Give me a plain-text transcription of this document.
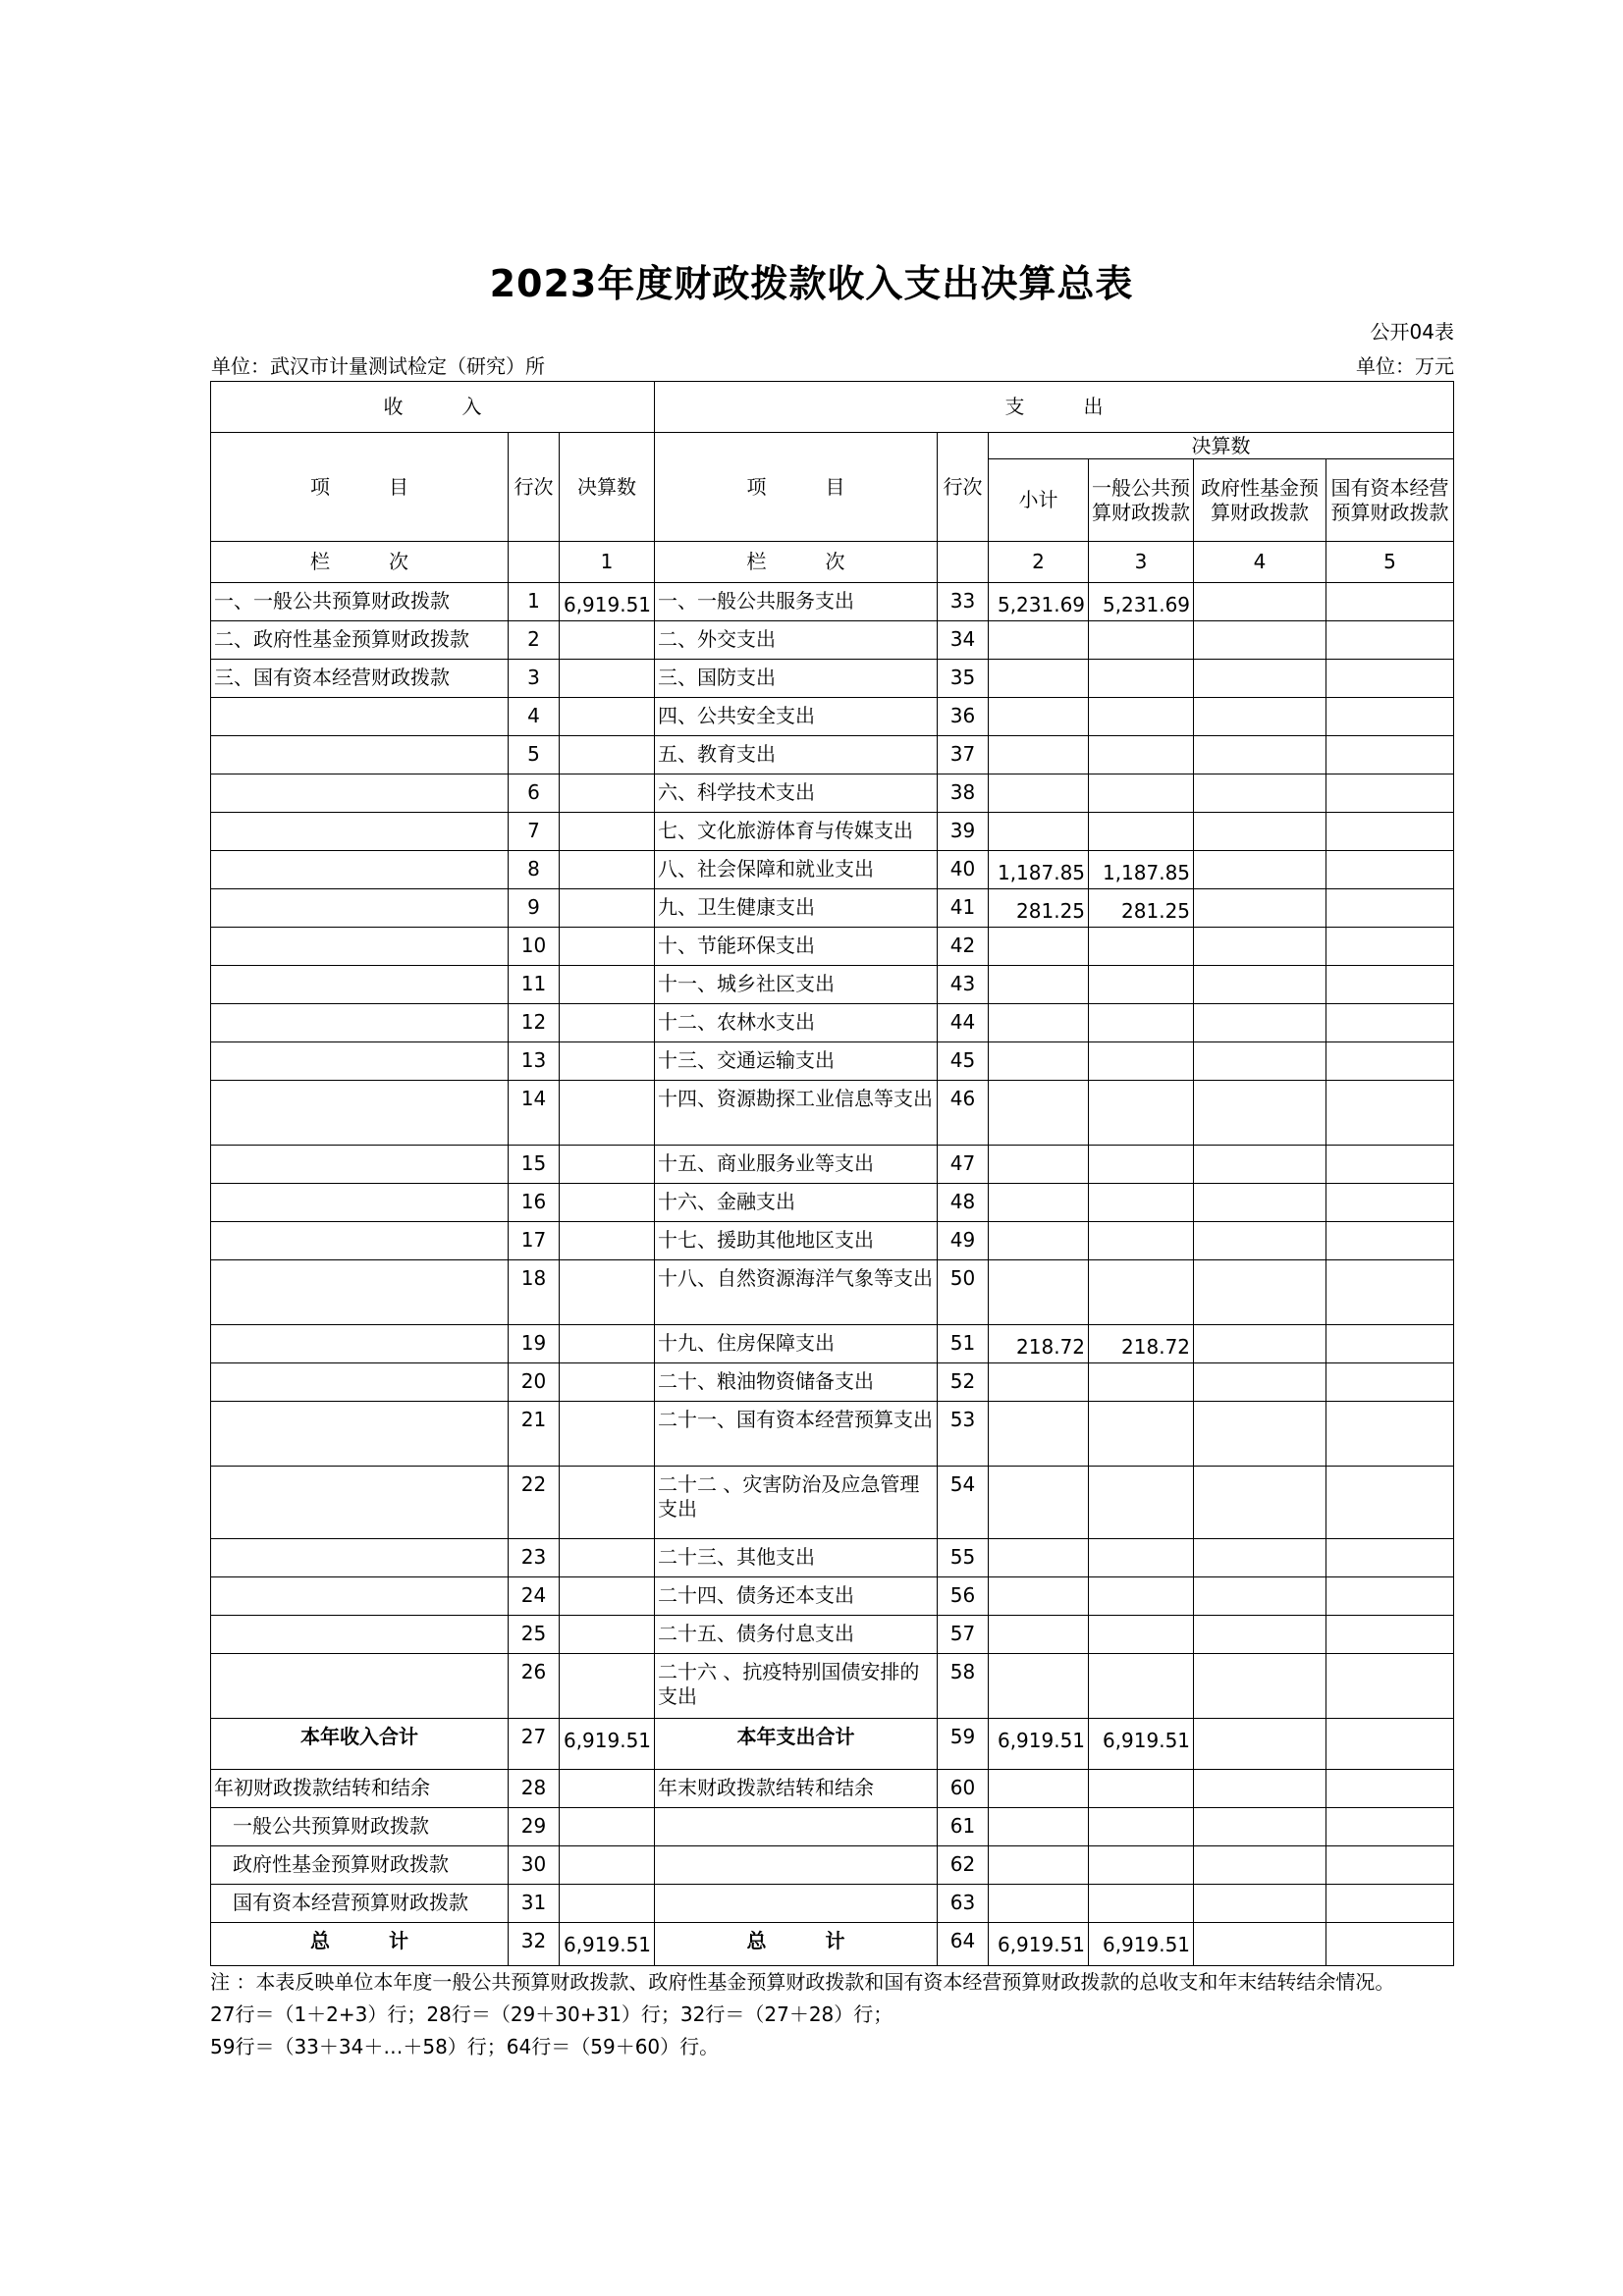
2023年度财政拨款收入支出决算总表
公开04表
单位：武汉市计量测试检定（研究）所	单位：万元
收　　　入			支　　　出					
项　　　目	行次	决算数	项　　　目	行次	决算数			
					小计	一般公共预算财政拨款	政府性基金预算财政拨款	国有资本经营预算财政拨款
栏　　　次		1	栏　　　次		2	3	4	5
一、一般公共预算财政拨款	1	6,919.51	一、一般公共服务支出	33	5,231.69	5,231.69		
二、政府性基金预算财政拨款	2		二、外交支出	34				
三、国有资本经营财政拨款	3		三、国防支出	35				
	4		四、公共安全支出	36				
	5		五、教育支出	37				
	6		六、科学技术支出	38				
	7		七、文化旅游体育与传媒支出	39				
	8		八、社会保障和就业支出	40	1,187.85	1,187.85		
	9		九、卫生健康支出	41	281.25	281.25		
	10		十、节能环保支出	42				
	11		十一、城乡社区支出	43				
	12		十二、农林水支出	44				
	13		十三、交通运输支出	45				
	14		十四、资源勘探工业信息等支出	46				
	15		十五、商业服务业等支出	47				
	16		十六、金融支出	48				
	17		十七、援助其他地区支出	49				
	18		十八、自然资源海洋气象等支出	50				
	19		十九、住房保障支出	51	218.72	218.72		
	20		二十、粮油物资储备支出	52				
	21		二十一、国有资本经营预算支出	53				
	22		二十二 、灾害防治及应急管理支出	54				
	23		二十三、其他支出	55				
	24		二十四、债务还本支出	56				
	25		二十五、债务付息支出	57				
	26		二十六 、抗疫特别国债安排的支出	58				
本年收入合计	27	6,919.51	本年支出合计	59	6,919.51	6,919.51		
年初财政拨款结转和结余	28		年末财政拨款结转和结余	60				
一般公共预算财政拨款	29			61				
政府性基金预算财政拨款	30			62				
国有资本经营预算财政拨款	31			63				
总　　　计	32	6,919.51	总　　　计	64	6,919.51	6,919.51		
注 ：本表反映单位本年度一般公共预算财政拨款、政府性基金预算财政拨款和国有资本经营预算财政拨款的总收支和年末结转结余情况。
27行＝（1＋2+3）行；28行＝（29＋30+31）行；32行＝（27＋28）行；
59行＝（33＋34＋…＋58）行；64行＝（59＋60）行。
